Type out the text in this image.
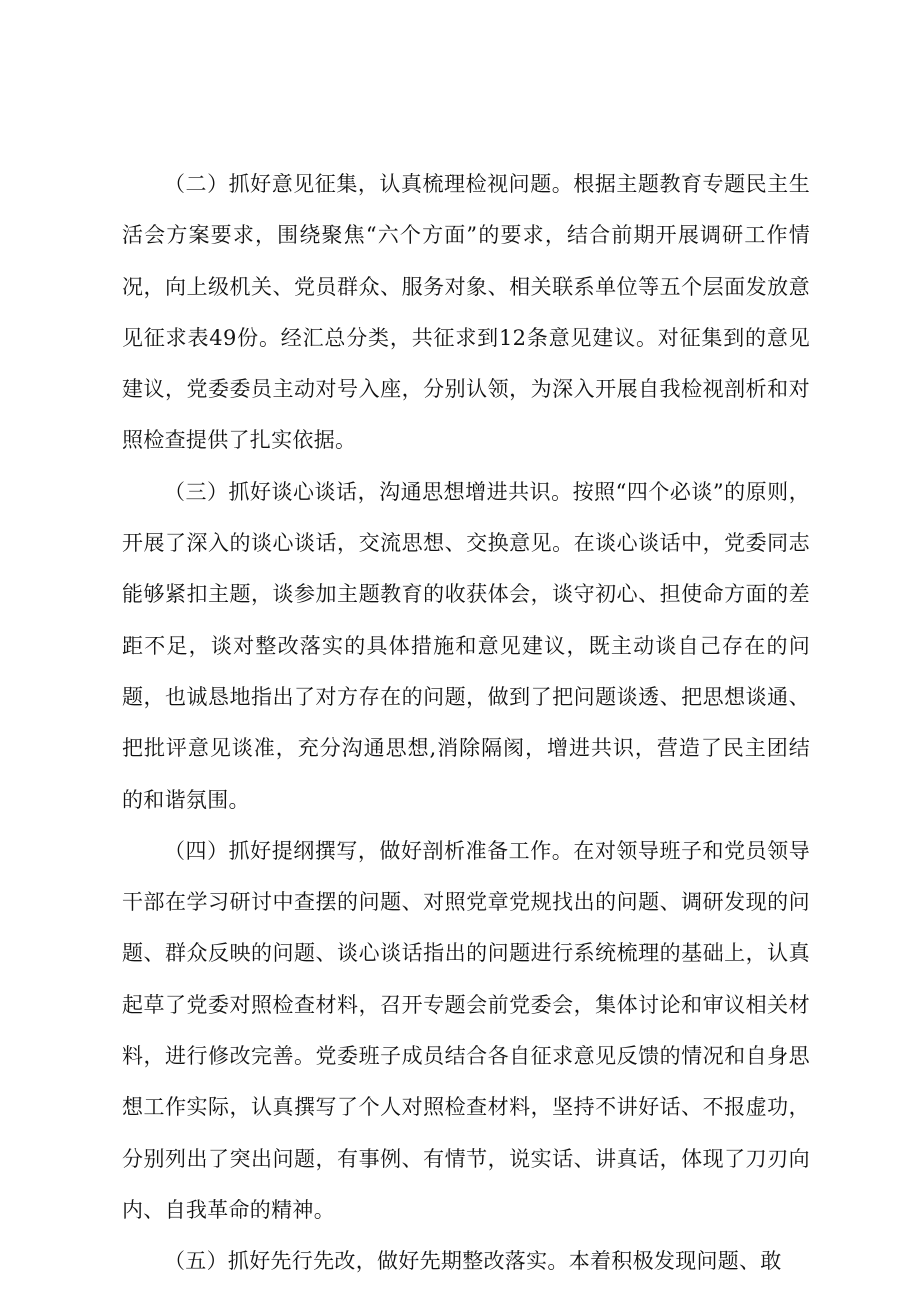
（二）抓好意见征集，认真梳理检视问题。根据主题教育专题民主生活会方案要求，围绕聚焦“六个方面”的要求，结合前期开展调研工作情况，向上级机关、党员群众、服务对象、相关联系单位等五个层面发放意见征求表49份。经汇总分类，共征求到12条意见建议。对征集到的意见建议，党委委员主动对号入座，分别认领，为深入开展自我检视剖析和对照检查提供了扎实依据。

（三）抓好谈心谈话，沟通思想增进共识。按照“四个必谈”的原则，开展了深入的谈心谈话，交流思想、交换意见。在谈心谈话中，党委同志能够紧扣主题，谈参加主题教育的收获体会，谈守初心、担使命方面的差距不足，谈对整改落实的具体措施和意见建议，既主动谈自己存在的问题，也诚恳地指出了对方存在的问题，做到了把问题谈透、把思想谈通、把批评意见谈准，充分沟通思想,消除隔阂，增进共识，营造了民主团结的和谐氛围。

（四）抓好提纲撰写，做好剖析准备工作。在对领导班子和党员领导干部在学习研讨中查摆的问题、对照党章党规找出的问题、调研发现的问题、群众反映的问题、谈心谈话指出的问题进行系统梳理的基础上，认真起草了党委对照检查材料，召开专题会前党委会，集体讨论和审议相关材料，进行修改完善。党委班子成员结合各自征求意见反馈的情况和自身思想工作实际，认真撰写了个人对照检查材料，坚持不讲好话、不报虚功，分别列出了突出问题，有事例、有情节，说实话、讲真话，体现了刀刃向内、自我革命的精神。

（五）抓好先行先改，做好先期整改落实。本着积极发现问题、敢
